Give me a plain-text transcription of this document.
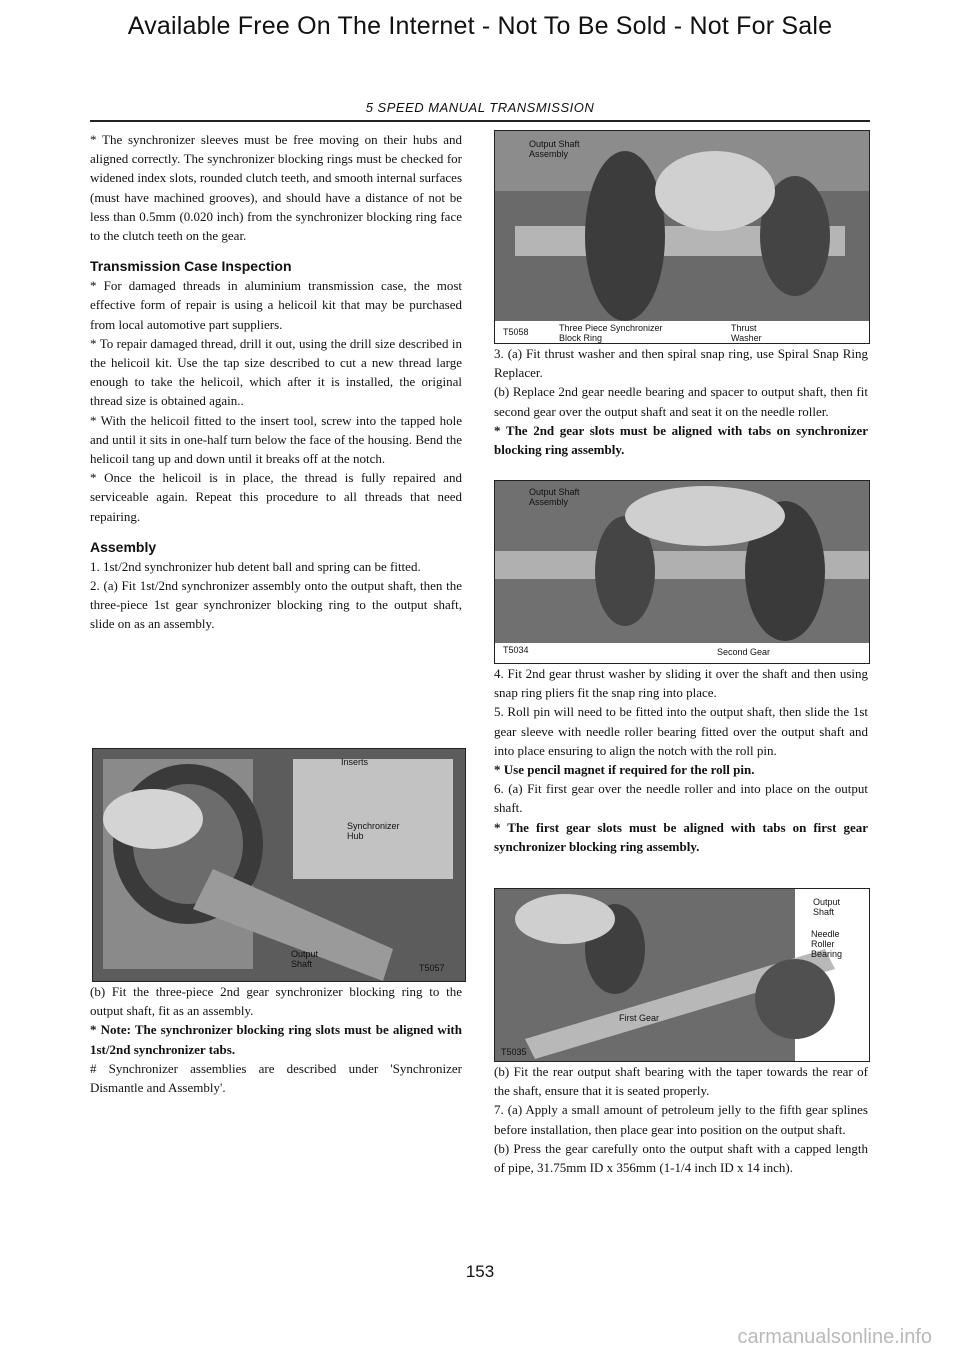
Available Free On The Internet - Not To Be Sold - Not For Sale
5 SPEED MANUAL TRANSMISSION

* The synchronizer sleeves must be free moving on their hubs and aligned correctly. The synchronizer blocking rings must be checked for widened index slots, rounded clutch teeth, and smooth internal surfaces (must have machined grooves), and should have a distance of not be less than 0.5mm (0.020 inch) from the synchronizer blocking ring face to the clutch teeth on the gear.

Transmission Case Inspection

* For damaged threads in aluminium transmission case, the most effective form of repair is using a helicoil kit that may be purchased from local automotive part suppliers.

* To repair damaged thread, drill it out, using the drill size described in the helicoil kit. Use the tap size described to cut a new thread large enough to take the helicoil, which after it is installed, the original thread size is obtained again..

* With the helicoil fitted to the insert tool, screw into the tapped hole and until it sits in one-half turn below the face of the housing. Bend the helicoil tang up and down until it breaks off at the notch.

* Once the helicoil is in place, the thread is fully repaired and serviceable again. Repeat this procedure to all threads that need repairing.

Assembly

1. 1st/2nd synchronizer hub detent ball and spring can be fitted.

2. (a) Fit 1st/2nd synchronizer assembly onto the output shaft, then the three-piece 1st gear synchronizer blocking ring to the output shaft, slide on as an assembly.

Inserts
Synchronizer Hub
Output Shaft	T5057

(b) Fit the three-piece 2nd gear synchronizer blocking ring to the output shaft, fit as an assembly.

* Note: The synchronizer blocking ring slots must be aligned with 1st/2nd synchronizer tabs.

# Synchronizer assemblies are described under 'Synchronizer Dismantle and Assembly'.

Output Shaft Assembly
Three Piece Synchronizer Block Ring
Thrust Washer
T5058

3. (a) Fit thrust washer and then spiral snap ring, use Spiral Snap Ring Replacer.

(b) Replace 2nd gear needle bearing and spacer to output shaft, then fit second gear over the output shaft and seat it on the needle roller.

* The 2nd gear slots must be aligned with tabs on synchronizer blocking ring assembly.

Output Shaft Assembly
Second Gear
T5034

4. Fit 2nd gear thrust washer by sliding it over the shaft and then using snap ring pliers fit the snap ring into place.

5. Roll pin will need to be fitted into the output shaft, then slide the 1st gear sleeve with needle roller bearing fitted over the output shaft and into place ensuring to align the notch with the roll pin.

* Use pencil magnet if required for the roll pin.

6. (a) Fit first gear over the needle roller and into place on the output shaft.

* The first gear slots must be aligned with tabs on first gear synchronizer blocking ring assembly.

Output Shaft
Needle Roller Bearing
First Gear
T5035

(b) Fit the rear output shaft bearing with the taper towards the rear of the shaft, ensure that it is seated properly.

7. (a) Apply a small amount of petroleum jelly to the fifth gear splines before installation, then place gear into position on the output shaft.

(b) Press the gear carefully onto the output shaft with a capped length of pipe, 31.75mm ID x 356mm (1-1/4 inch ID x 14 inch).

153
carmanualsonline.info
